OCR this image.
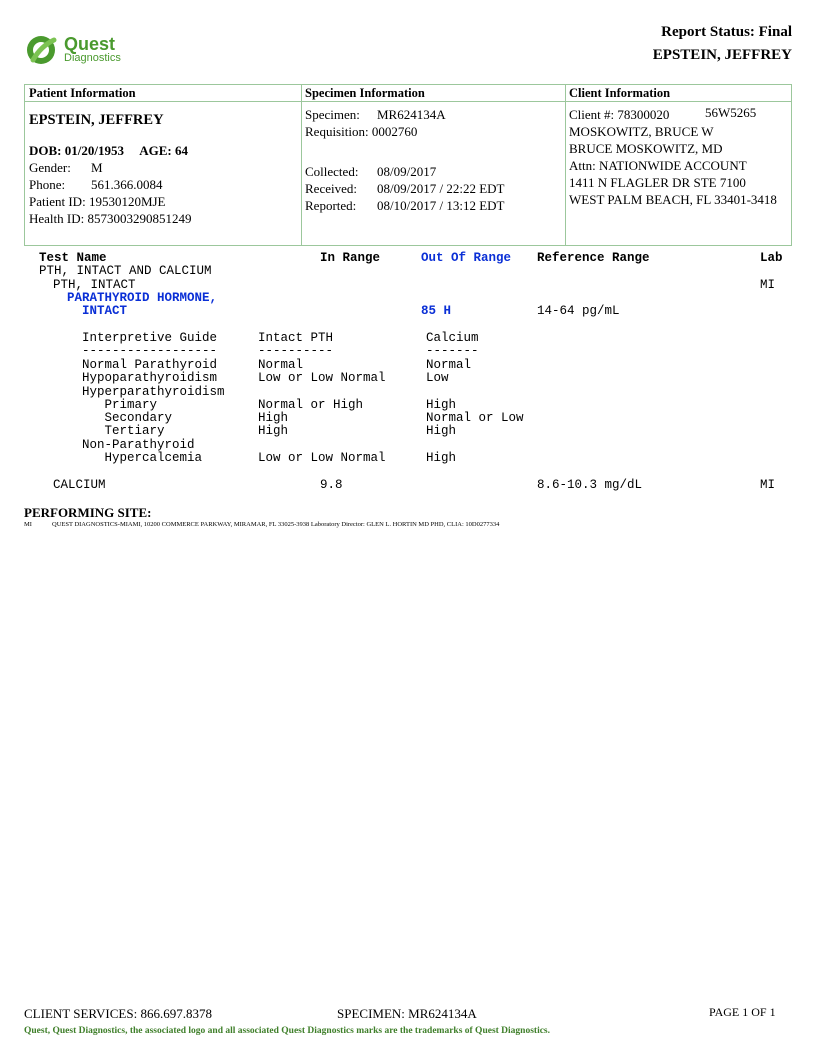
Quest
Diagnostics
Report Status: Final
EPSTEIN, JEFFREY
Patient Information
EPSTEIN, JEFFREY
DOB: 01/20/1953 AGE: 64
Gender: M
Phone: 561.366.0084
Patient ID: 19530120MJE
Health ID: 8573003290851249
Specimen Information
Specimen: MR624134A
Requisition: 0002760
Collected: 08/09/2017
Received: 08/09/2017 / 22:22 EDT
Reported: 08/10/2017 / 13:12 EDT
Client Information
Client #: 78300020	56W5265
MOSKOWITZ, BRUCE W
BRUCE MOSKOWITZ, MD
Attn: NATIONWIDE ACCOUNT
1411 N FLAGLER DR STE 7100
WEST PALM BEACH, FL 33401-3418
Test Name	In Range	Out Of Range Reference Range	Lab
PTH, INTACT AND CALCIUM
PTH, INTACT	MI
PARATHYROID HORMONE,
INTACT	85 H	14-64 pg/mL
Interpretive Guide	Intact PTH	Calcium
------------------	----------	-------
Normal Parathyroid	Normal	Normal
Hypoparathyroidism	Low or Low Normal	Low
Hyperparathyroidism
Primary	Normal or High	High
Secondary	High	Normal or Low
Tertiary	High	High
Non-Parathyroid
Hypercalcemia	Low or Low Normal	High
CALCIUM	9.8	8.6-10.3 mg/dL	MI
PERFORMING SITE:
MI	QUEST DIAGNOSTICS-MIAMI, 10200 COMMERCE PARKWAY, MIRAMAR, FL 33025-3938 Laboratory Director: GLEN L. HORTIN MD PHD, CLIA: 10D0277334
CLIENT SERVICES: 866.697.8378	SPECIMEN: MR624134A	PAGE 1 OF 1
Quest, Quest Diagnostics, the associated logo and all associated Quest Diagnostics marks are the trademarks of Quest Diagnostics.
